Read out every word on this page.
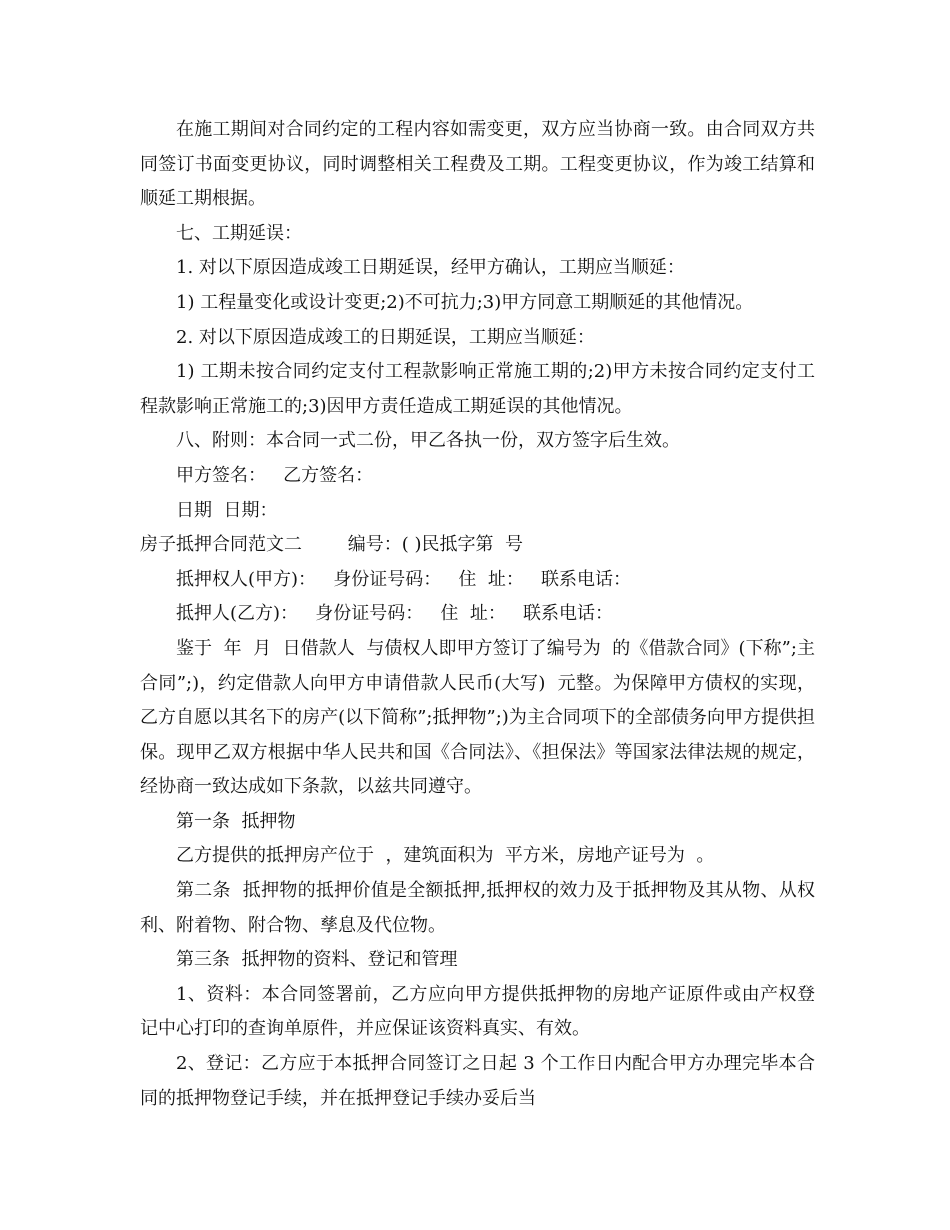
在施工期间对合同约定的工程内容如需变更，双方应当协商一致。由合同双方共同签订书面变更协议，同时调整相关工程费及工期。工程变更协议，作为竣工结算和顺延工期根据。

七、工期延误：

1. 对以下原因造成竣工日期延误，经甲方确认，工期应当顺延：

1) 工程量变化或设计变更;2)不可抗力;3)甲方同意工期顺延的其他情况。

2. 对以下原因造成竣工的日期延误，工期应当顺延：

1) 工期未按合同约定支付工程款影响正常施工期的;2)甲方未按合同约定支付工程款影响正常施工的;3)因甲方责任造成工期延误的其他情况。

八、附则：本合同一式二份，甲乙各执一份，双方签字后生效。

甲方签名：   乙方签名：

日期  日期：

房子抵押合同范文二        编号：( )民抵字第  号

抵押权人(甲方)：   身份证号码：   住  址：   联系电话：

抵押人(乙方)：   身份证号码：   住  址：   联系电话：

鉴于  年  月  日借款人  与债权人即甲方签订了编号为  的《借款合同》(下称”;主合同”;)，约定借款人向甲方申请借款人民币(大写)  元整。为保障甲方债权的实现，乙方自愿以其名下的房产(以下简称”;抵押物”;)为主合同项下的全部债务向甲方提供担保。现甲乙双方根据中华人民共和国《合同法》、《担保法》等国家法律法规的规定，经协商一致达成如下条款，以兹共同遵守。

第一条  抵押物

乙方提供的抵押房产位于  ，建筑面积为  平方米，房地产证号为  。

第二条  抵押物的抵押价值是全额抵押,抵押权的效力及于抵押物及其从物、从权利、附着物、附合物、孳息及代位物。

第三条  抵押物的资料、登记和管理

1、资料：本合同签署前，乙方应向甲方提供抵押物的房地产证原件或由产权登记中心打印的查询单原件，并应保证该资料真实、有效。

2、登记：乙方应于本抵押合同签订之日起 3 个工作日内配合甲方办理完毕本合同的抵押物登记手续，并在抵押登记手续办妥后当
